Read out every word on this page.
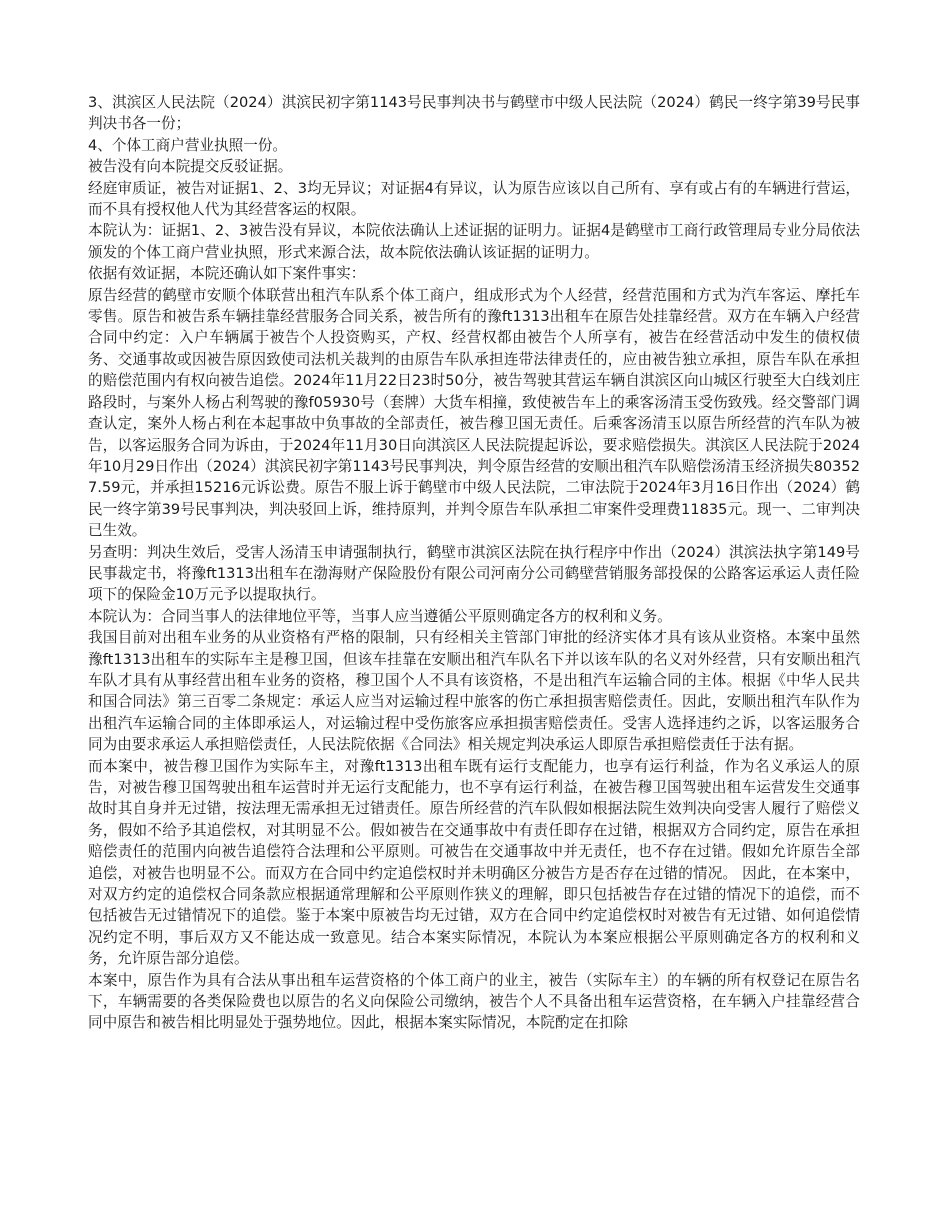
3、淇滨区人民法院（2024）淇滨民初字第1143号民事判决书与鹤壁市中级人民法院（2024）鹤民一终字第39号民事判决书各一份；

4、个体工商户营业执照一份。

被告没有向本院提交反驳证据。

经庭审质证，被告对证据1、2、3均无异议；对证据4有异议，认为原告应该以自己所有、享有或占有的车辆进行营运，而不具有授权他人代为其经营客运的权限。

本院认为：证据1、2、3被告没有异议，本院依法确认上述证据的证明力。证据4是鹤壁市工商行政管理局专业分局依法颁发的个体工商户营业执照，形式来源合法，故本院依法确认该证据的证明力。

依据有效证据，本院还确认如下案件事实：

原告经营的鹤壁市安顺个体联营出租汽车队系个体工商户，组成形式为个人经营，经营范围和方式为汽车客运、摩托车零售。原告和被告系车辆挂靠经营服务合同关系，被告所有的豫ft1313出租车在原告处挂靠经营。双方在车辆入户经营合同中约定：入户车辆属于被告个人投资购买，产权、经营权都由被告个人所享有，被告在经营活动中发生的债权债务、交通事故或因被告原因致使司法机关裁判的由原告车队承担连带法律责任的，应由被告独立承担，原告车队在承担的赔偿范围内有权向被告追偿。2024年11月22日23时50分，被告驾驶其营运车辆自淇滨区向山城区行驶至大白线刘庄路段时，与案外人杨占利驾驶的豫f05930号（套牌）大货车相撞，致使被告车上的乘客汤清玉受伤致残。经交警部门调查认定，案外人杨占利在本起事故中负事故的全部责任，被告穆卫国无责任。后乘客汤清玉以原告所经营的汽车队为被告，以客运服务合同为诉由，于2024年11月30日向淇滨区人民法院提起诉讼，要求赔偿损失。淇滨区人民法院于2024年10月29日作出（2024）淇滨民初字第1143号民事判决，判令原告经营的安顺出租汽车队赔偿汤清玉经济损失803527.59元，并承担15216元诉讼费。原告不服上诉于鹤壁市中级人民法院，二审法院于2024年3月16日作出（2024）鹤民一终字第39号民事判决，判决驳回上诉，维持原判，并判令原告车队承担二审案件受理费11835元。现一、二审判决已生效。

另查明：判决生效后，受害人汤清玉申请强制执行，鹤壁市淇滨区法院在执行程序中作出（2024）淇滨法执字第149号民事裁定书，将豫ft1313出租车在渤海财产保险股份有限公司河南分公司鹤壁营销服务部投保的公路客运承运人责任险项下的保险金10万元予以提取执行。

本院认为：合同当事人的法律地位平等，当事人应当遵循公平原则确定各方的权利和义务。

我国目前对出租车业务的从业资格有严格的限制，只有经相关主管部门审批的经济实体才具有该从业资格。本案中虽然豫ft1313出租车的实际车主是穆卫国，但该车挂靠在安顺出租汽车队名下并以该车队的名义对外经营，只有安顺出租汽车队才具有从事经营出租车业务的资格，穆卫国个人不具有该资格，不是出租汽车运输合同的主体。根据《中华人民共和国合同法》第三百零二条规定：承运人应当对运输过程中旅客的伤亡承担损害赔偿责任。因此，安顺出租汽车队作为出租汽车运输合同的主体即承运人，对运输过程中受伤旅客应承担损害赔偿责任。受害人选择违约之诉，以客运服务合同为由要求承运人承担赔偿责任，人民法院依据《合同法》相关规定判决承运人即原告承担赔偿责任于法有据。

而本案中，被告穆卫国作为实际车主，对豫ft1313出租车既有运行支配能力，也享有运行利益，作为名义承运人的原告，对被告穆卫国驾驶出租车运营时并无运行支配能力，也不享有运行利益，在被告穆卫国驾驶出租车运营发生交通事故时其自身并无过错，按法理无需承担无过错责任。原告所经营的汽车队假如根据法院生效判决向受害人履行了赔偿义务，假如不给予其追偿权，对其明显不公。假如被告在交通事故中有责任即存在过错，根据双方合同约定，原告在承担赔偿责任的范围内向被告追偿符合法理和公平原则。可被告在交通事故中并无责任，也不存在过错。假如允许原告全部追偿，对被告也明显不公。而双方在合同中约定追偿权时并未明确区分被告方是否存在过错的情况。 因此，在本案中，对双方约定的追偿权合同条款应根据通常理解和公平原则作狭义的理解，即只包括被告存在过错的情况下的追偿，而不包括被告无过错情况下的追偿。鉴于本案中原被告均无过错，双方在合同中约定追偿权时对被告有无过错、如何追偿情况约定不明，事后双方又不能达成一致意见。结合本案实际情况，本院认为本案应根据公平原则确定各方的权利和义务，允许原告部分追偿。

本案中，原告作为具有合法从事出租车运营资格的个体工商户的业主，被告（实际车主）的车辆的所有权登记在原告名下，车辆需要的各类保险费也以原告的名义向保险公司缴纳，被告个人不具备出租车运营资格，在车辆入户挂靠经营合同中原告和被告相比明显处于强势地位。因此，根据本案实际情况，本院酌定在扣除
